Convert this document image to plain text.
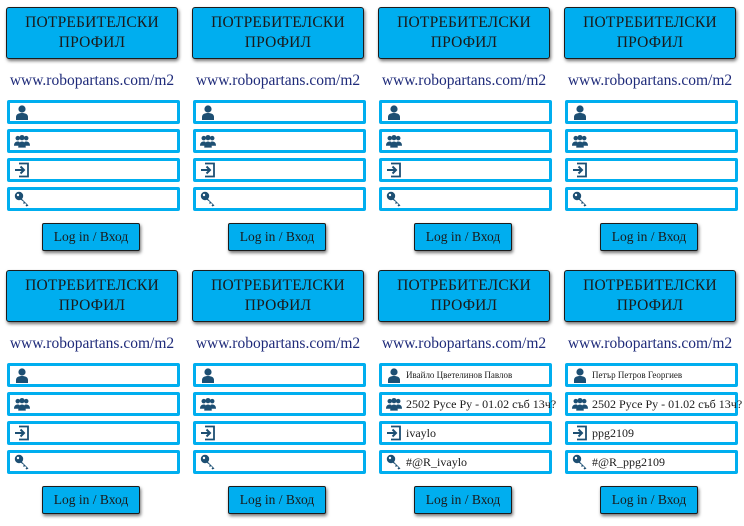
ПОТРЕБИТЕЛСКИ ПРОФИЛ
www.robopartans.com/m2
Log in / Вход
ПОТРЕБИТЕЛСКИ ПРОФИЛ
www.robopartans.com/m2
Log in / Вход
ПОТРЕБИТЕЛСКИ ПРОФИЛ
www.robopartans.com/m2
Log in / Вход
ПОТРЕБИТЕЛСКИ ПРОФИЛ
www.robopartans.com/m2
Log in / Вход
ПОТРЕБИТЕЛСКИ ПРОФИЛ
www.robopartans.com/m2
Log in / Вход
ПОТРЕБИТЕЛСКИ ПРОФИЛ
www.robopartans.com/m2
Log in / Вход
ПОТРЕБИТЕЛСКИ ПРОФИЛ
www.robopartans.com/m2
Ивайло Цветелинов Павлов
2502 Русе Ру - 01.02 съб 13ч?
ivaylo
#@R_ivaylo
Log in / Вход
ПОТРЕБИТЕЛСКИ ПРОФИЛ
www.robopartans.com/m2
Петър Петров Георгиев
2502 Русе Ру - 01.02 съб 13ч?
ppg2109
#@R_ppg2109
Log in / Вход
